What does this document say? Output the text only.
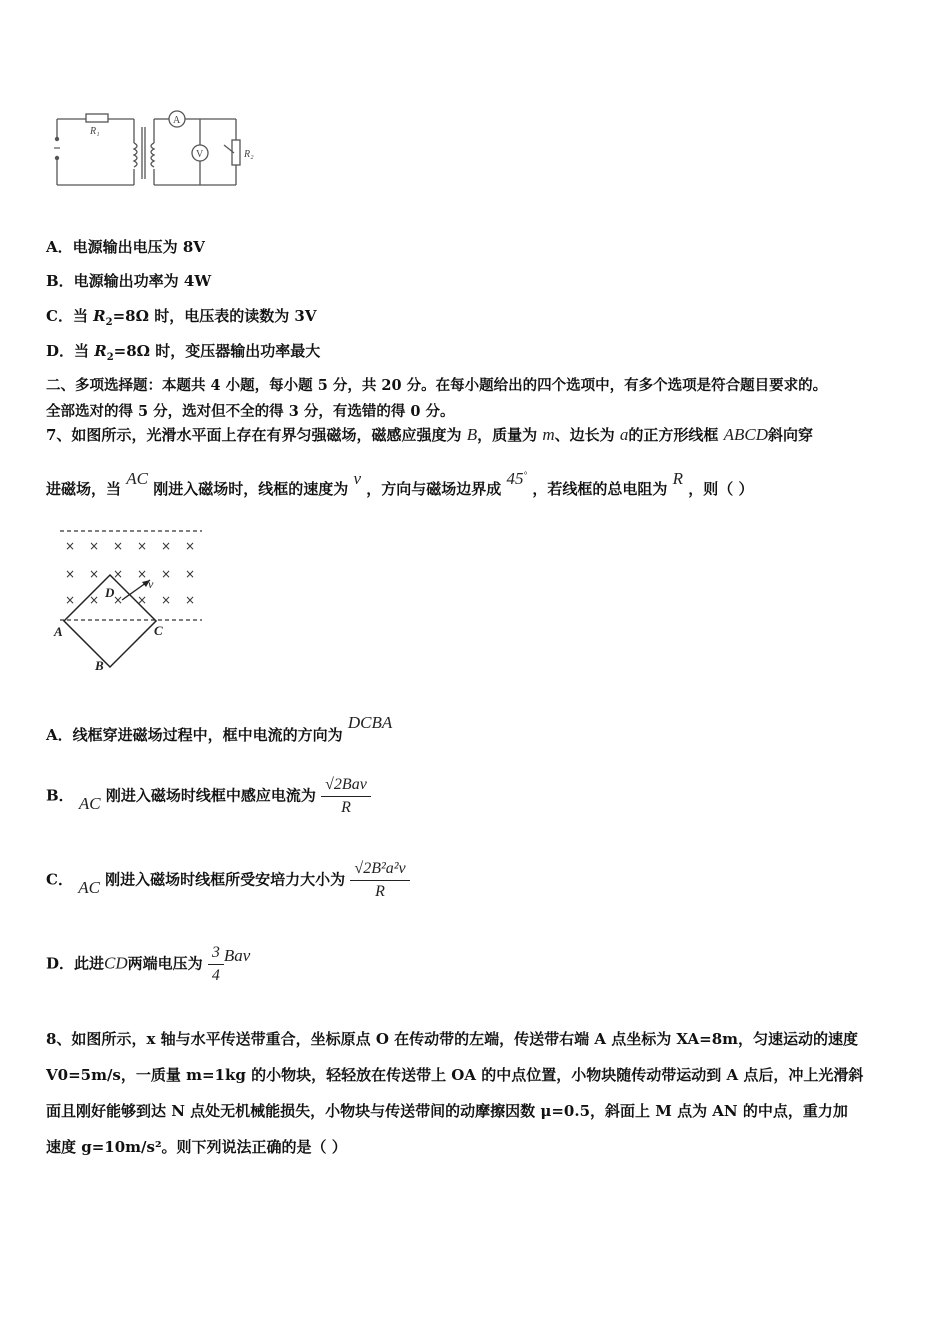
R₁
A
V	R₂
A．电源输出电压为 8V
B．电源输出功率为 4W
C．当 $R_2=8\Omega$ 时，电压表的读数为 3V
D．当 $R_2=8\Omega$ 时，变压器输出功率最大
二、多项选择题：本题共 4 小题，每小题 5 分，共 20 分。在每小题给出的四个选项中，有多个选项是符合题目要求的。
全部选对的得 5 分，选对但不全的得 3 分，有选错的得 0 分。
7、如图所示，光滑水平面上存在有界匀强磁场，磁感应强度为 B，质量为 m、边长为 a的正方形线框 ABCD斜向穿
进磁场，当 AC 刚进入磁场时，线框的速度为 v ，方向与磁场边界成 45° ，若线框的总电阻为 R ，则（ ）
× × × × × ×
× × × × × ×
× × × × × ×
A	C
D
B
v
A．线框穿进磁场过程中，框中电流的方向为 DCBA
B． AC 刚进入磁场时线框中感应电流为 $\frac{\text{√2Bav}}{R}$
C． AC 刚进入磁场时线框所受安培力大小为 $\frac{\text{√2B²a²v}}{R}$
D．此进CD两端电压为 $\frac{3}{4}$ Bav
8、如图所示，x 轴与水平传送带重合，坐标原点 O 在传动带的左端，传送带右端 A 点坐标为 XA=8m，匀速运动的速度
V0=5m/s，一质量 m=1kg 的小物块，轻轻放在传送带上 OA 的中点位置，小物块随传动带运动到 A 点后，冲上光滑斜
面且刚好能够到达 N 点处无机械能损失，小物块与传送带间的动摩擦因数 μ=0.5，斜面上 M 点为 AN 的中点，重力加
速度 g=10m/s²。则下列说法正确的是（ ）
